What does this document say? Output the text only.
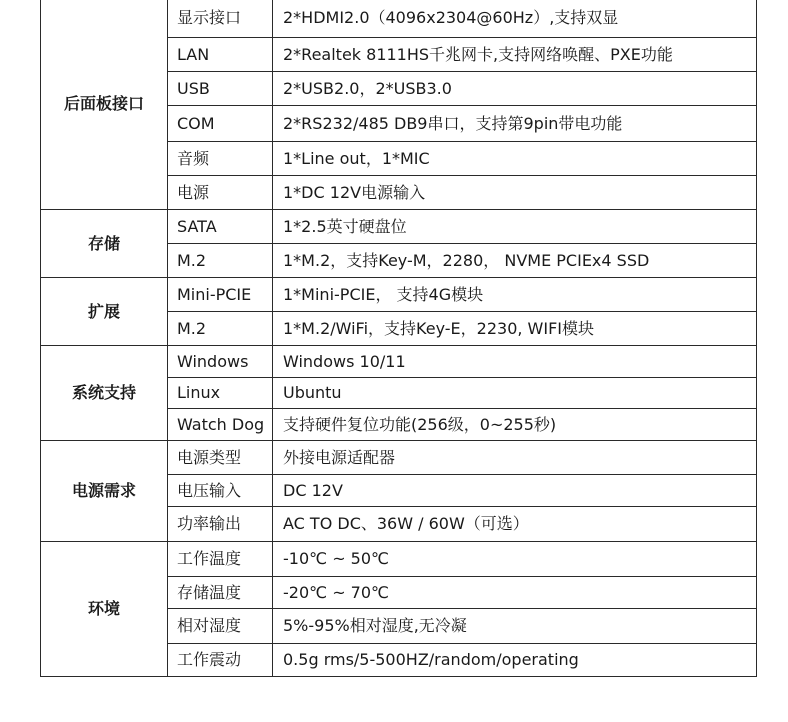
后面板接口	显示接口	2*HDMI2.0（4096x2304@60Hz）,支持双显
	LAN	2*Realtek 8111HS千兆网卡,支持网络唤醒、PXE功能
	USB	2*USB2.0，2*USB3.0
	COM	2*RS232/485 DB9串口，支持第9pin带电功能
	音频	1*Line out，1*MIC
	电源	1*DC 12V电源输入
存储	SATA	1*2.5英寸硬盘位
	M.2	1*M.2，支持Key-M，2280， NVME PCIEx4 SSD
扩展	Mini-PCIE	1*Mini-PCIE， 支持4G模块
	M.2	1*M.2/WiFi，支持Key-E，2230, WIFI模块
系统支持	Windows	Windows 10/11
	Linux	Ubuntu
	Watch Dog	支持硬件复位功能(256级，0~255秒)
电源需求	电源类型	外接电源适配器
	电压输入	DC 12V
	功率输出	AC TO DC、36W / 60W（可选）
环境	工作温度	-10℃ ~ 50℃
	存储温度	-20℃ ~ 70℃
	相对湿度	5%-95%相对湿度,无冷凝
	工作震动	0.5g rms/5-500HZ/random/operating
